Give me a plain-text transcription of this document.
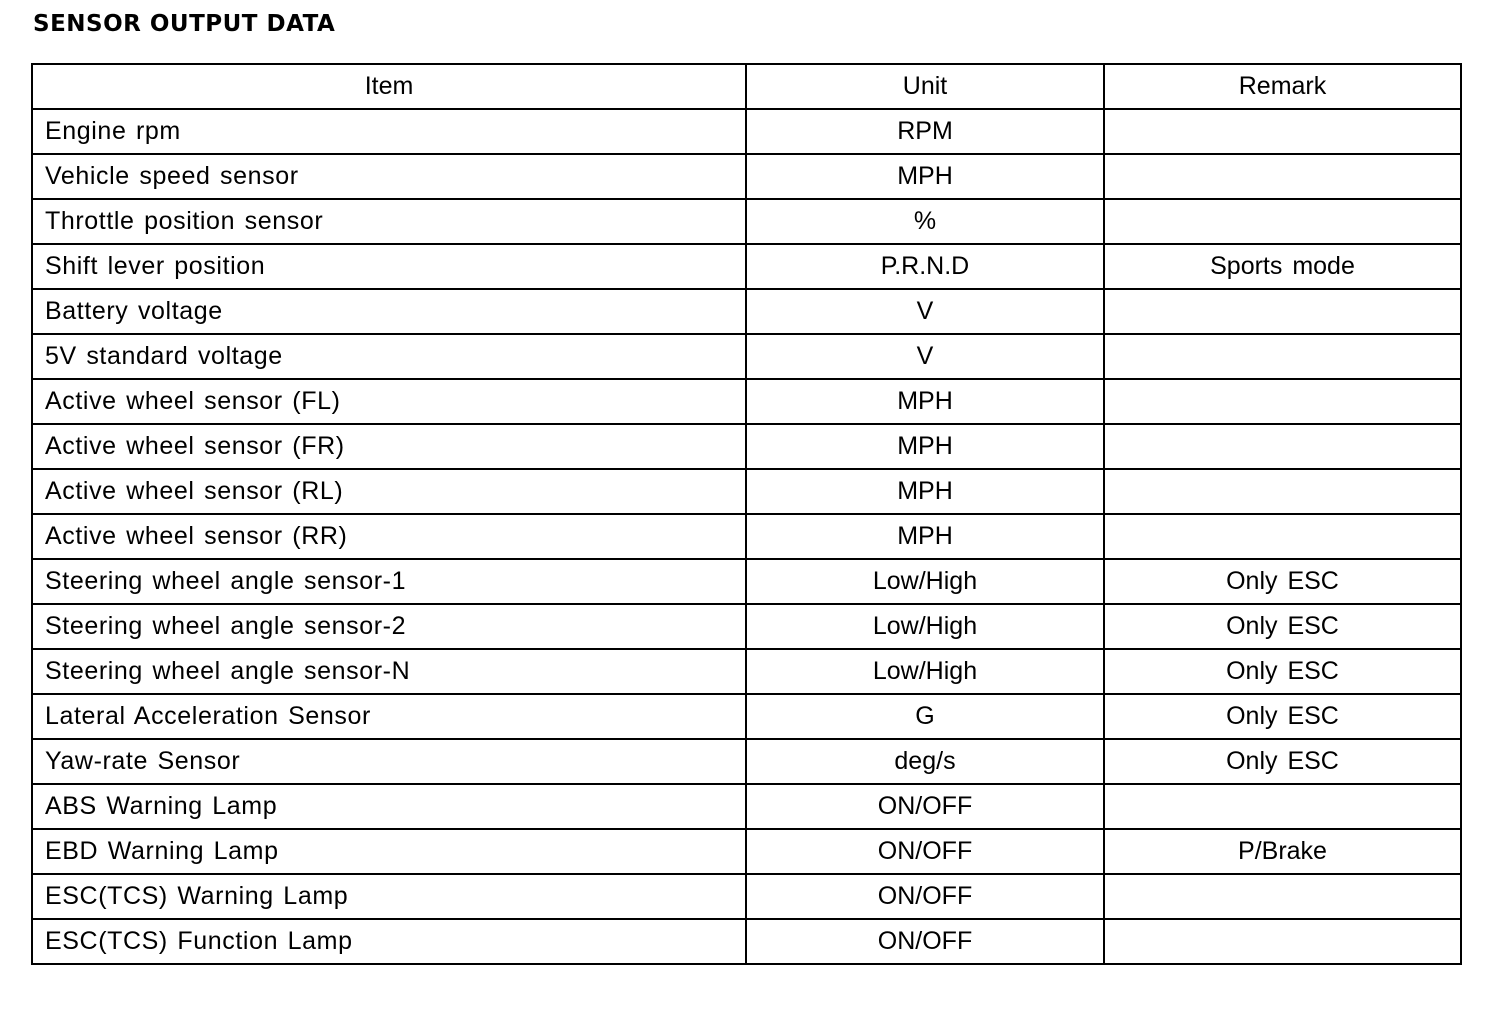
SENSOR OUTPUT DATA
Item	Unit	Remark
Engine rpm	RPM	
Vehicle speed sensor	MPH	
Throttle position sensor	%	
Shift lever position	P.R.N.D	Sports mode
Battery voltage	V	
5V standard voltage	V	
Active wheel sensor (FL)	MPH	
Active wheel sensor (FR)	MPH	
Active wheel sensor (RL)	MPH	
Active wheel sensor (RR)	MPH	
Steering wheel angle sensor-1	Low/High	Only ESC
Steering wheel angle sensor-2	Low/High	Only ESC
Steering wheel angle sensor-N	Low/High	Only ESC
Lateral Acceleration Sensor	G	Only ESC
Yaw-rate Sensor	deg/s	Only ESC
ABS Warning Lamp	ON/OFF	
EBD Warning Lamp	ON/OFF	P/Brake
ESC(TCS) Warning Lamp	ON/OFF	
ESC(TCS) Function Lamp	ON/OFF	
